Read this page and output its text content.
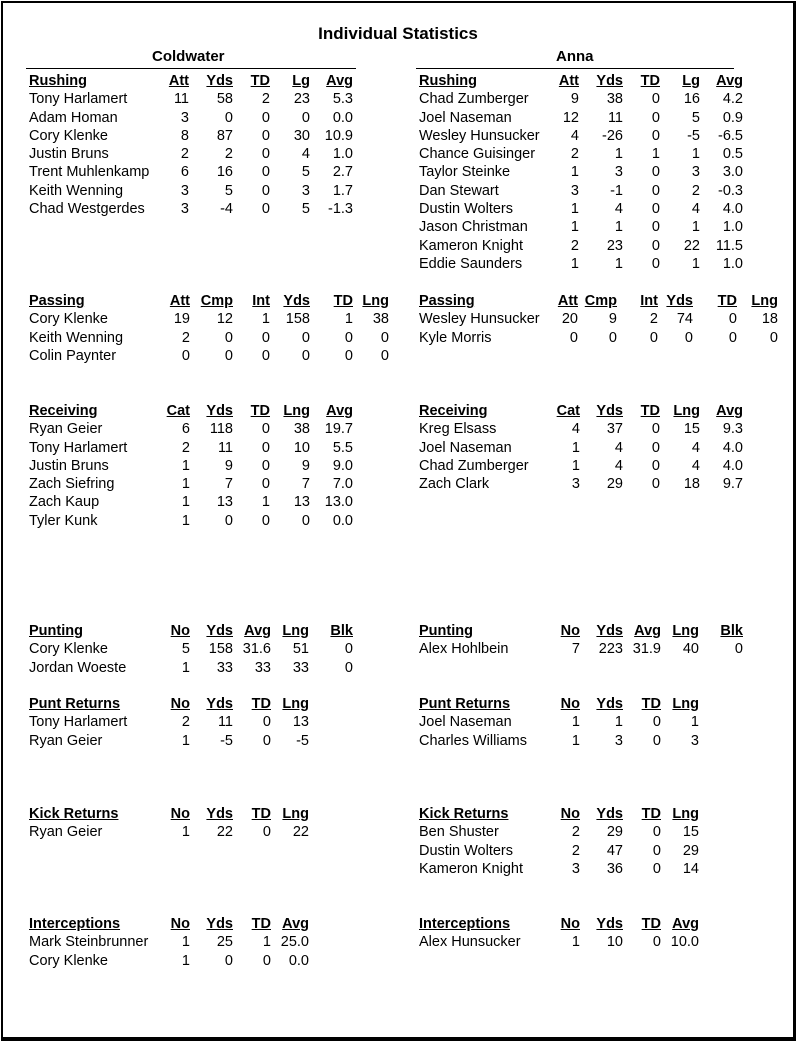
Individual Statistics
Coldwater	Anna
Rushing	Att	Yds	TD	Lg	Avg
Tony Harlamert	11	58	2	23	5.3
Adam Homan	3	0	0	0	0.0
Cory Klenke	8	87	0	30	10.9
Justin Bruns	2	2	0	4	1.0
Trent Muhlenkamp	6	16	0	5	2.7
Keith Wenning	3	5	0	3	1.7
Chad Westgerdes	3	-4	0	5	-1.3
Passing	Att Cmp	Int Yds	TD Lng
Cory Klenke	19	12	1	158	1	38
Keith Wenning	2	0	0	0	0	0
Colin Paynter	0	0	0	0	0	0
Receiving	Cat	Yds	TD Lng	Avg
Ryan Geier	6	118	0	38	19.7
Tony Harlamert	2	11	0	10	5.5
Justin Bruns	1	9	0	9	9.0
Zach Siefring	1	7	0	7	7.0
Zach Kaup	1	13	1	13	13.0
Tyler Kunk	1	0	0	0	0.0
Punting	No	Yds Avg Lng	Blk
Cory Klenke	5	158 31.6	51	0
Jordan Woeste	1	33	33	33	0
Punt Returns	No	Yds	TD Lng
Tony Harlamert	2	11	0	13
Ryan Geier	1	-5	0	-5
Kick Returns	No	Yds	TD Lng
Ryan Geier	1	22	0	22
Interceptions	No	Yds	TD Avg
Mark Steinbrunner	1	25	1 25.0
Cory Klenke	1	0	0	0.0
Rushing	Att	Yds	TD	Lg	Avg
Chad Zumberger	9	38	0	16	4.2
Joel Naseman	12	11	0	5	0.9
Wesley Hunsucker	4	-26	0	-5	-6.5
Chance Guisinger	2	1	1	1	0.5
Taylor Steinke	1	3	0	3	3.0
Dan Stewart	3	-1	0	2	-0.3
Dustin Wolters	1	4	0	4	4.0
Jason Christman	1	1	0	1	1.0
Kameron Knight	2	23	0	22	11.5
Eddie Saunders	1	1	0	1	1.0
Passing	Att Cmp	Int Yds	TD Lng
Wesley Hunsucker	20	9	2	74	0	18
Kyle Morris	0	0	0	0	0	0
Receiving	Cat	Yds	TD Lng	Avg
Kreg Elsass	4	37	0	15	9.3
Joel Naseman	1	4	0	4	4.0
Chad Zumberger	1	4	0	4	4.0
Zach Clark	3	29	0	18	9.7
Punting	No	Yds Avg Lng	Blk
Alex Hohlbein	7	223 31.9	40	0
Punt Returns	No	Yds	TD Lng
Joel Naseman	1	1	0	1
Charles Williams	1	3	0	3
Kick Returns	No	Yds	TD Lng
Ben Shuster	2	29	0	15
Dustin Wolters	2	47	0	29
Kameron Knight	3	36	0	14
Interceptions	No	Yds	TD Avg
Alex Hunsucker	1	10	0 10.0
